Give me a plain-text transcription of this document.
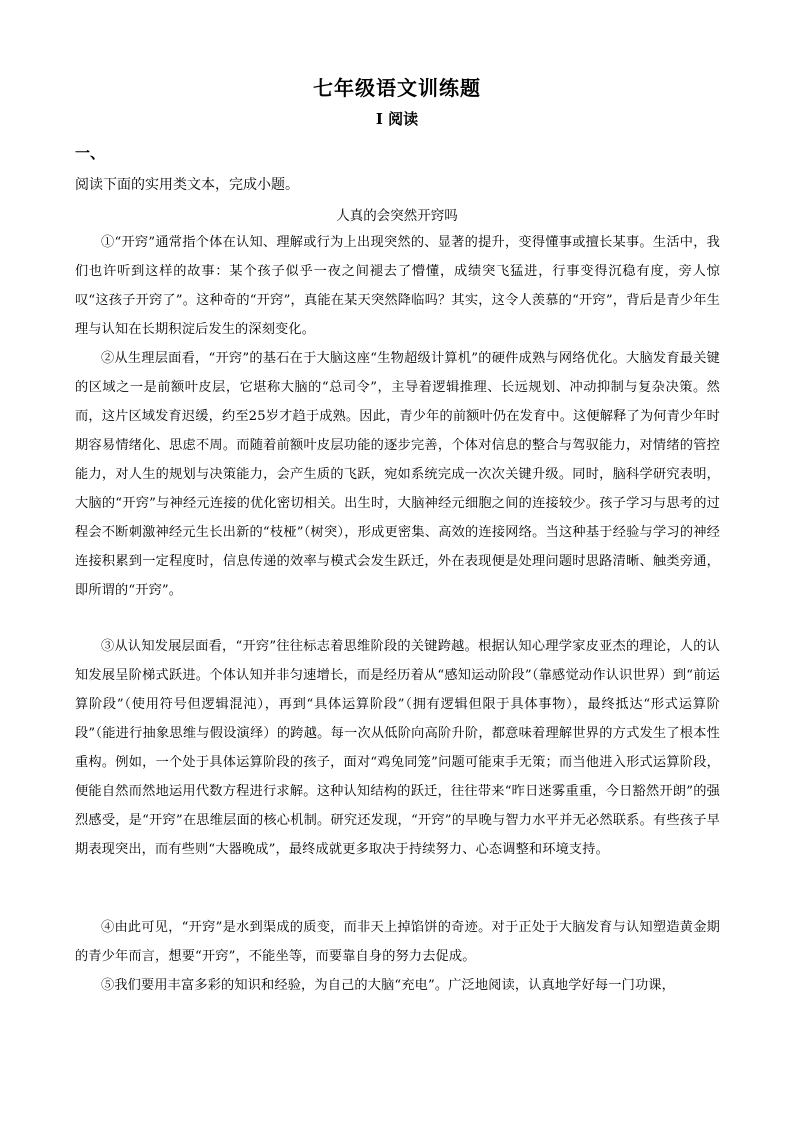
七年级语文训练题
I 阅读
一、
阅读下面的实用类文本，完成小题。
人真的会突然开窍吗

①“开窍”通常指个体在认知、理解或行为上出现突然的、显著的提升，变得懂事或擅长某事。生活中，我们也许听到这样的故事：某个孩子似乎一夜之间褪去了懵懂，成绩突飞猛进，行事变得沉稳有度，旁人惊叹“这孩子开窍了”。这种奇的“开窍”，真能在某天突然降临吗？其实，这令人羡慕的“开窍”，背后是青少年生理与认知在长期积淀后发生的深刻变化。

②从生理层面看，“开窍”的基石在于大脑这座“生物超级计算机”的硬件成熟与网络优化。大脑发育最关键的区域之一是前额叶皮层，它堪称大脑的“总司令”，主导着逻辑推理、长远规划、冲动抑制与复杂决策。然而，这片区域发育迟缓，约至25岁才趋于成熟。因此，青少年的前额叶仍在发育中。这便解释了为何青少年时期容易情绪化、思虑不周。而随着前额叶皮层功能的逐步完善，个体对信息的整合与驾驭能力，对情绪的管控能力，对人生的规划与决策能力，会产生质的飞跃，宛如系统完成一次次关键升级。同时，脑科学研究表明，大脑的“开窍”与神经元连接的优化密切相关。出生时，大脑神经元细胞之间的连接较少。孩子学习与思考的过程会不断刺激神经元生长出新的“枝桠”（树突），形成更密集、高效的连接网络。当这种基于经验与学习的神经连接积累到一定程度时，信息传递的效率与模式会发生跃迁，外在表现便是处理问题时思路清晰、触类旁通，即所谓的“开窍”。

③从认知发展层面看，“开窍”往往标志着思维阶段的关键跨越。根据认知心理学家皮亚杰的理论，人的认知发展呈阶梯式跃进。个体认知并非匀速增长，而是经历着从“感知运动阶段”（靠感觉动作认识世界）到“前运算阶段”（使用符号但逻辑混沌），再到“具体运算阶段”（拥有逻辑但限于具体事物），最终抵达“形式运算阶段”（能进行抽象思维与假设演绎）的跨越。每一次从低阶向高阶升阶，都意味着理解世界的方式发生了根本性重构。例如，一个处于具体运算阶段的孩子，面对“鸡兔同笼”问题可能束手无策；而当他进入形式运算阶段，便能自然而然地运用代数方程进行求解。这种认知结构的跃迁，往往带来“昨日迷雾重重，今日豁然开朗”的强烈感受，是“开窍”在思维层面的核心机制。研究还发现，“开窍”的早晚与智力水平并无必然联系。有些孩子早期表现突出，而有些则“大器晚成”，最终成就更多取决于持续努力、心态调整和环境支持。

④由此可见，“开窍”是水到渠成的质变，而非天上掉馅饼的奇迹。对于正处于大脑发育与认知塑造黄金期的青少年而言，想要“开窍”，不能坐等，而要靠自身的努力去促成。

⑤我们要用丰富多彩的知识和经验，为自己的大脑“充电”。广泛地阅读，认真地学好每一门功课，
